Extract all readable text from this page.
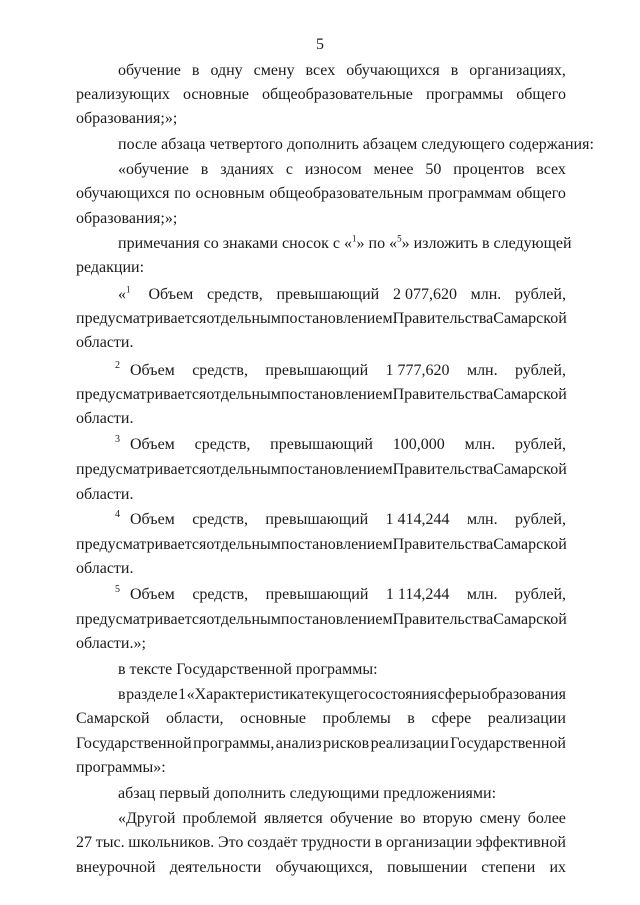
5
обучение в одну смену всех обучающихся в организациях,
реализующих основные общеобразовательные программы общего
образования;»;
после абзаца четвертого дополнить абзацем следующего содержания:
«обучение в зданиях с износом менее 50 процентов всех
обучающихся по основным общеобразовательным программам общего
образования;»;
примечания со знаками сносок с «$^1$» по «$^5$» изложить в следующей
редакции:
«$^1$ Объем средств, превышающий 2 077,620 млн. рублей,
предусматривается отдельным постановлением Правительства Самарской
области.
$^2$ Объем средств, превышающий 1 777,620 млн. рублей,
предусматривается отдельным постановлением Правительства Самарской
области.
$^3$ Объем средств, превышающий 100,000 млн. рублей,
предусматривается отдельным постановлением Правительства Самарской
области.
$^4$ Объем средств, превышающий 1 414,244 млн. рублей,
предусматривается отдельным постановлением Правительства Самарской
области.
$^5$ Объем средств, превышающий 1 114,244 млн. рублей,
предусматривается отдельным постановлением Правительства Самарской
области.»;
в тексте Государственной программы:
в разделе 1 «Характеристика текущего состояния сферы образования
Самарской области, основные проблемы в сфере реализации
Государственной программы, анализ рисков реализации Государственной
программы»:
абзац первый дополнить следующими предложениями:
«Другой проблемой является обучение во вторую смену более
27 тыс. школьников. Это создаёт трудности в организации эффективной
внеурочной деятельности обучающихся, повышении степени их
